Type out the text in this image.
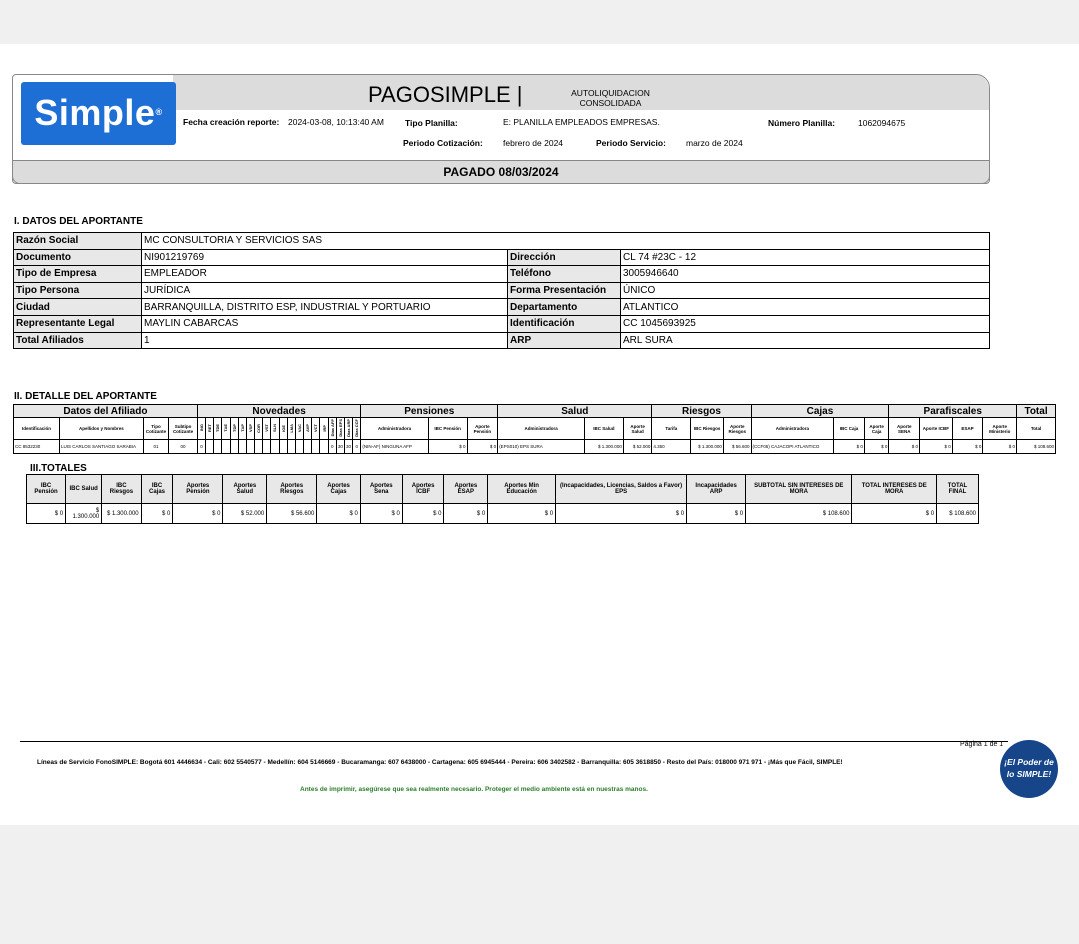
Simple®
PAGOSIMPLE |	AUTOLIQUIDACION CONSOLIDADA
Fecha creación reporte: 2024-03-08, 10:13:40 AM Tipo Planilla:	E: PLANILLA EMPLEADOS EMPRESAS.	Número Planilla:	1062094675
Periodo Cotización: febrero de 2024	Periodo Servicio: marzo de 2024
PAGADO 08/03/2024
I. DATOS DEL APORTANTE
Razón Social	MC CONSULTORIA Y SERVICIOS SAS		
Documento	NI901219769	Dirección	CL 74 #23C - 12
Tipo de Empresa	EMPLEADOR	Teléfono	3005946640
Tipo Persona	JURÍDICA	Forma Presentación	ÚNICO
Ciudad	BARRANQUILLA, DISTRITO ESP, INDUSTRIAL Y PORTUARIO	Departamento	ATLANTICO
Representante Legal	MAYLIN CABARCAS	Identificación	CC 1045693925
Total Afiliados	1	ARP	ARL SURA
II. DETALLE DEL APORTANTE
Datos del Afiliado				Novedades																				Pensiones			Salud			Riesgos			Cajas			Parafiscales				Total
Identificación	Apellidos y Nombres	Tipo Cotizante	Subtipo Cotizante	ING	RET	TDE	TAE	TDP	TAP	VSP	COR	VST	SLN	IGE	LMA	VAC	AVP	VCT	IRP	Días AFP	Días EPS	Días ARP	Días CCF	Administradora	IBC Pensión	Aporte Pensión	Administradora	IBC Salud	Aporte Salud	Tarifa	IBC Riesgos	Aporte Riesgos	Administradora	IBC Caja	Aporte Caja	Aporte SENA	Aporte ICBF	ESAP	Aporte Ministerio	Total
CC 8532230	LUIS CARLOS SANTIAGO SARABIA	01	00	0																0	30	30	0	(NIN-AF) NINGUNA AFP	$ 0	$ 0	(EPS010) EPS SURA	$ 1.300.000	$ 52.000	4.350	$ 1.300.000	$ 56.600	(CCF05) CAJACOPI ATLANTICO	$ 0	$ 0	$ 0	$ 0	$ 0	$ 0	$ 108.600
III.TOTALES
IBC Pensión	IBC Salud	IBC Riesgos	IBC Cajas	Aportes Pensión	Aportes Salud	Aportes Riesgos	Aportes Cajas	Aportes Sena	Aportes ICBF	Aportes ESAP	Aportes Min Educación	(Incapacidades, Licencias, Saldos a Favor) EPS	Incapacidades ARP	SUBTOTAL SIN INTERESES DE MORA	TOTAL INTERESES DE MORA	TOTAL FINAL
$ 0	$ 1.300.000	$ 1.300.000	$ 0	$ 0	$ 52.000	$ 56.600	$ 0	$ 0	$ 0	$ 0	$ 0	$ 0	$ 0	$ 108.600	$ 0	$ 108.600
Página 1 de 1
Líneas de Servicio FonoSIMPLE: Bogotá 601 4446634 - Cali: 602 5540577 - Medellín: 604 5146669 - Bucaramanga: 607 6438000 - Cartagena: 605 6945444 - Pereira: 606 3402582 - Barranquilla: 605 3618850 - Resto del País: 018000 971 971 - ¡Más que Fácil, SIMPLE!
Antes de imprimir, asegúrese que sea realmente necesario. Proteger el medio ambiente está en nuestras manos.
¡El Poder de lo SIMPLE!
